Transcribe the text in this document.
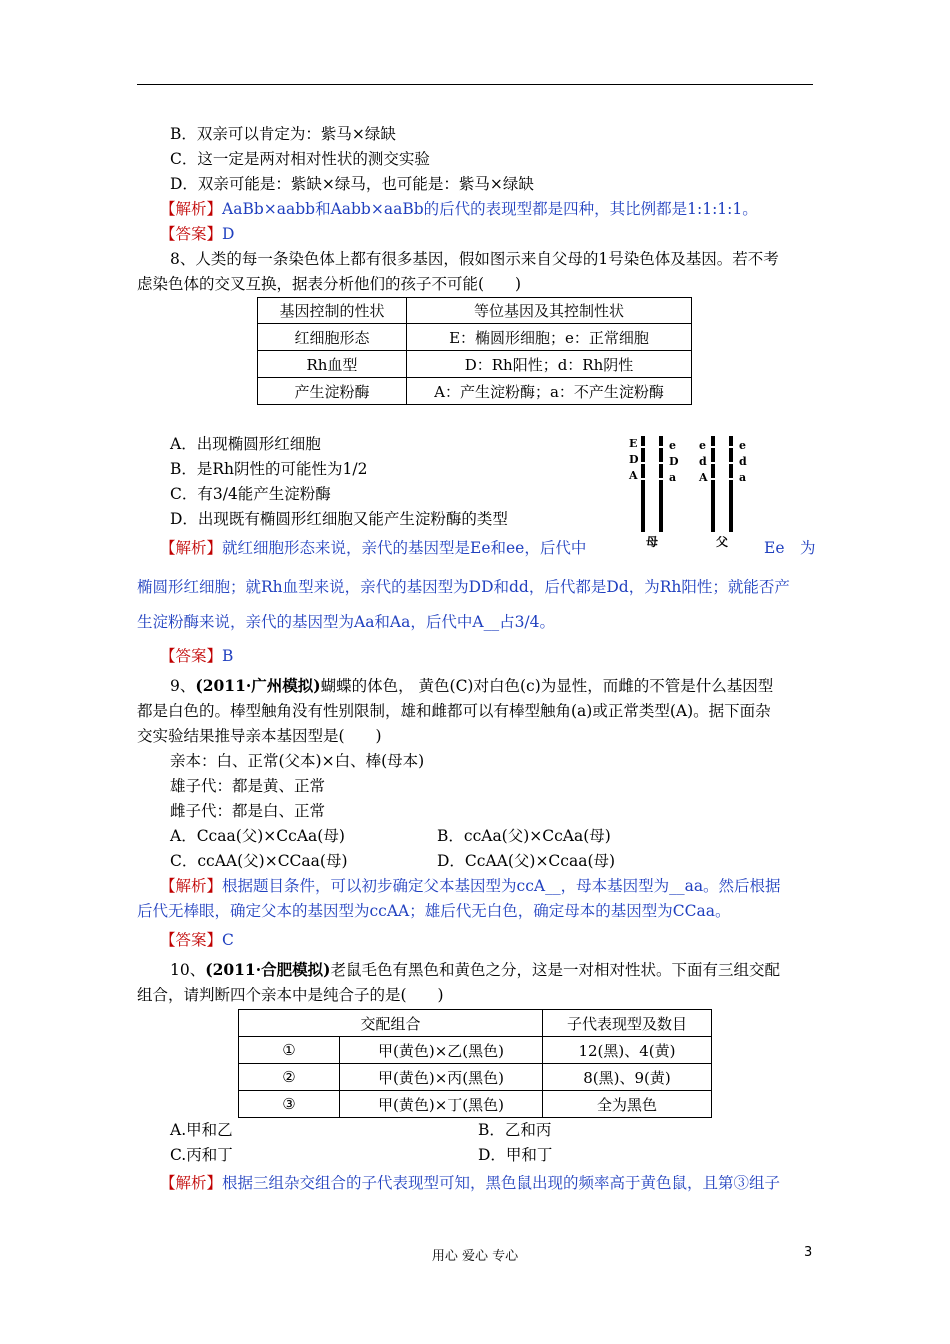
B．双亲可以肯定为：紫马×绿缺
C．这一定是两对相对性状的测交实验
D．双亲可能是：紫缺×绿马，也可能是：紫马×绿缺
【解析】AaBb×aabb和Aabb×aaBb的后代的表现型都是四种，其比例都是1:1:1:1。
【答案】D
8、人类的每一条染色体上都有很多基因，假如图示来自父母的1号染色体及基因。若不考
虑染色体的交叉互换，据表分析他们的孩子不可能(　　)
基因控制的性状	等位基因及其控制性状
红细胞形态	E：椭圆形细胞；e：正常细胞
Rh血型	D：Rh阳性；d：Rh阴性
产生淀粉酶	A：产生淀粉酶；a：不产生淀粉酶
A．出现椭圆形红细胞
B．是Rh阴性的可能性为1/2
C．有3/4能产生淀粉酶
D．出现既有椭圆形红细胞又能产生淀粉酶的类型
E
D
A
e
D
a
e
d
A
e
d
a
母	父
【解析】就红细胞形态来说，亲代的基因型是Ee和ee，后代中	Ee　为
椭圆形红细胞；就Rh血型来说，亲代的基因型为DD和dd，后代都是Dd，为Rh阳性；就能否产
生淀粉酶来说，亲代的基因型为Aa和Aa，后代中A__占3/4。
【答案】B
9、(2011·广州模拟)蝴蝶的体色， 黄色(C)对白色(c)为显性，而雌的不管是什么基因型
都是白色的。棒型触角没有性别限制，雄和雌都可以有棒型触角(a)或正常类型(A)。据下面杂
交实验结果推导亲本基因型是(　　)
亲本：白、正常(父本)×白、棒(母本)
雄子代：都是黄、正常
雌子代：都是白、正常
A．Ccaa(父)×CcAa(母)	B．ccAa(父)×CcAa(母)
C．ccAA(父)×CCaa(母)	D．CcAA(父)×Ccaa(母)
【解析】根据题目条件，可以初步确定父本基因型为ccA__，母本基因型为__aa。然后根据
后代无棒眼，确定父本的基因型为ccAA；雄后代无白色，确定母本的基因型为CCaa。
【答案】C
10、(2011·合肥模拟)老鼠毛色有黑色和黄色之分，这是一对相对性状。下面有三组交配
组合，请判断四个亲本中是纯合子的是(　　)
交配组合		子代表现型及数目
①	甲(黄色)×乙(黑色)	12(黑)、4(黄)
②	甲(黄色)×丙(黑色)	8(黑)、9(黄)
③	甲(黄色)×丁(黑色)	全为黑色
A.甲和乙	B．乙和丙
C.丙和丁	D．甲和丁
【解析】根据三组杂交组合的子代表现型可知，黑色鼠出现的频率高于黄色鼠，且第③组子
用心 爱心 专心	3
